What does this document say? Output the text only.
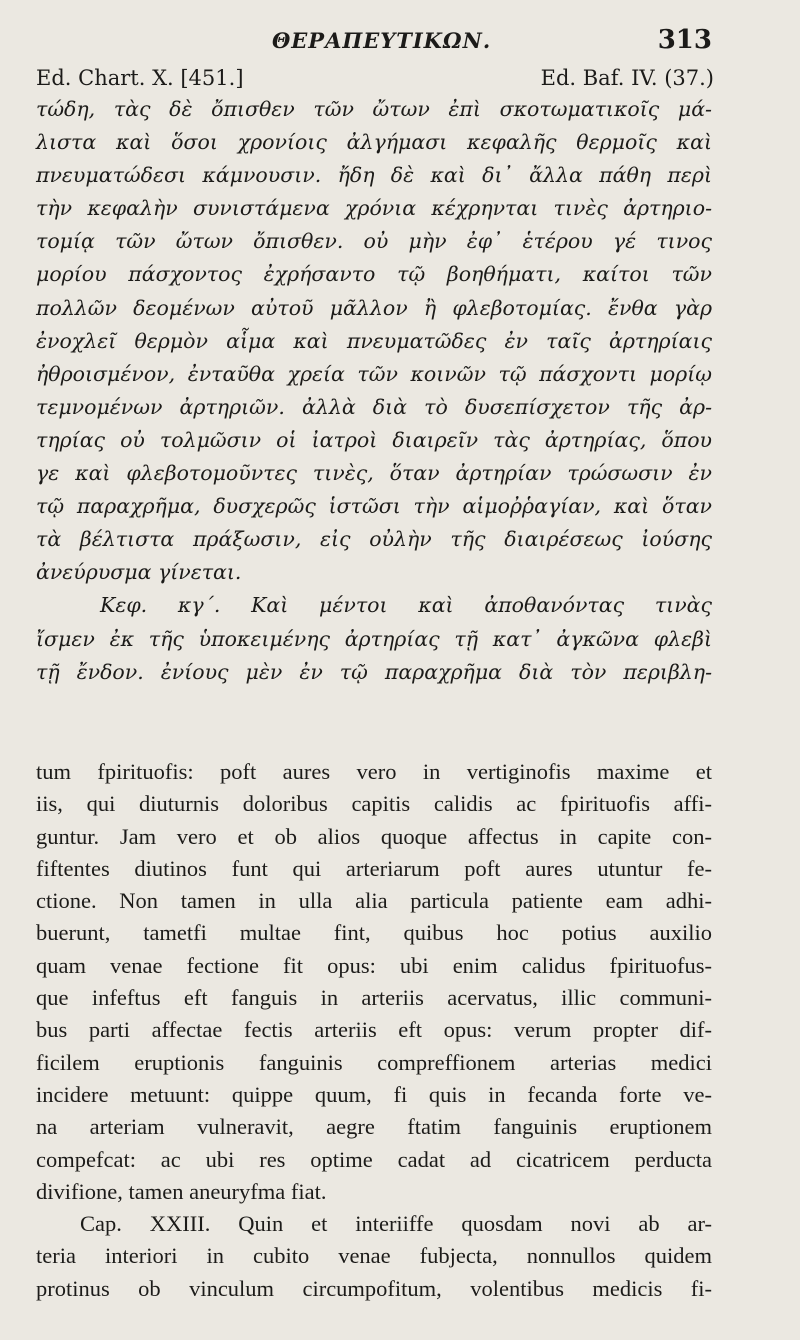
ΘΕΡΑΠΕΥΤΙΚΩΝ.	313
Ed. Chart. X. [451.]	Ed. Baf. IV. (37.)
τώδη, τὰς δὲ ὄπισθεν τῶν ὤτων ἐπὶ σκοτωματικοῖς μά-
λιστα καὶ ὅσοι χρονίοις ἀλγήμασι κεφαλῆς θερμοῖς καὶ
πνευματώδεσι κάμνουσιν. ἤδη δὲ καὶ δι᾽ ἄλλα πάθη περὶ
τὴν κεφαλὴν συνιστάμενα χρόνια κέχρηνται τινὲς ἀρτηριο-
τομίᾳ τῶν ὤτων ὄπισθεν. οὐ μὴν ἐφ᾽ ἑτέρου γέ τινος
μορίου πάσχοντος ἐχρήσαντο τῷ βοηθήματι, καίτοι τῶν
πολλῶν δεομένων αὐτοῦ μᾶλλον ἢ φλεβοτομίας. ἔνθα γὰρ
ἐνοχλεῖ θερμὸν αἷμα καὶ πνευματῶδες ἐν ταῖς ἀρτηρίαις
ἠθροισμένον, ἐνταῦθα χρεία τῶν κοινῶν τῷ πάσχοντι μορίῳ
τεμνομένων ἀρτηριῶν. ἀλλὰ διὰ τὸ δυσεπίσχετον τῆς ἀρ-
τηρίας οὐ τολμῶσιν οἱ ἰατροὶ διαιρεῖν τὰς ἀρτηρίας, ὅπου
γε καὶ φλεβοτομοῦντες τινὲς, ὅταν ἀρτηρίαν τρώσωσιν ἐν
τῷ παραχρῆμα, δυσχερῶς ἱστῶσι τὴν αἱμοῤῥαγίαν, καὶ ὅταν
τὰ βέλτιστα πράξωσιν, εἰς οὐλὴν τῆς διαιρέσεως ἰούσης
ἀνεύρυσμα γίνεται.
Κεφ. κγ΄. Καὶ μέντοι καὶ ἀποθανόντας τινὰς
ἴσμεν ἐκ τῆς ὑποκειμένης ἀρτηρίας τῇ κατ᾽ ἀγκῶνα φλεβὶ
τῇ ἔνδον. ἐνίους μὲν ἐν τῷ παραχρῆμα διὰ τὸν περιβλη-
tum fpirituofis: poft aures vero in vertiginofis maxime et
iis, qui diuturnis doloribus capitis calidis ac fpirituofis affi-
guntur. Jam vero et ob alios quoque affectus in capite con-
fiftentes diutinos funt qui arteriarum poft aures utuntur fe-
ctione. Non tamen in ulla alia particula patiente eam adhi-
buerunt, tametfi multae fint, quibus hoc potius auxilio
quam venae fectione fit opus: ubi enim calidus fpirituofus-
que infeftus eft fanguis in arteriis acervatus, illic communi-
bus parti affectae fectis arteriis eft opus: verum propter dif-
ficilem eruptionis fanguinis compreffionem arterias medici
incidere metuunt: quippe quum, fi quis in fecanda forte ve-
na arteriam vulneravit, aegre ftatim fanguinis eruptionem
compefcat: ac ubi res optime cadat ad cicatricem perducta
divifione, tamen aneuryfma fiat.
Cap. XXIII. Quin et interiiffe quosdam novi ab ar-
teria interiori in cubito venae fubjecta, nonnullos quidem
protinus ob vinculum circumpofitum, volentibus medicis fi-
